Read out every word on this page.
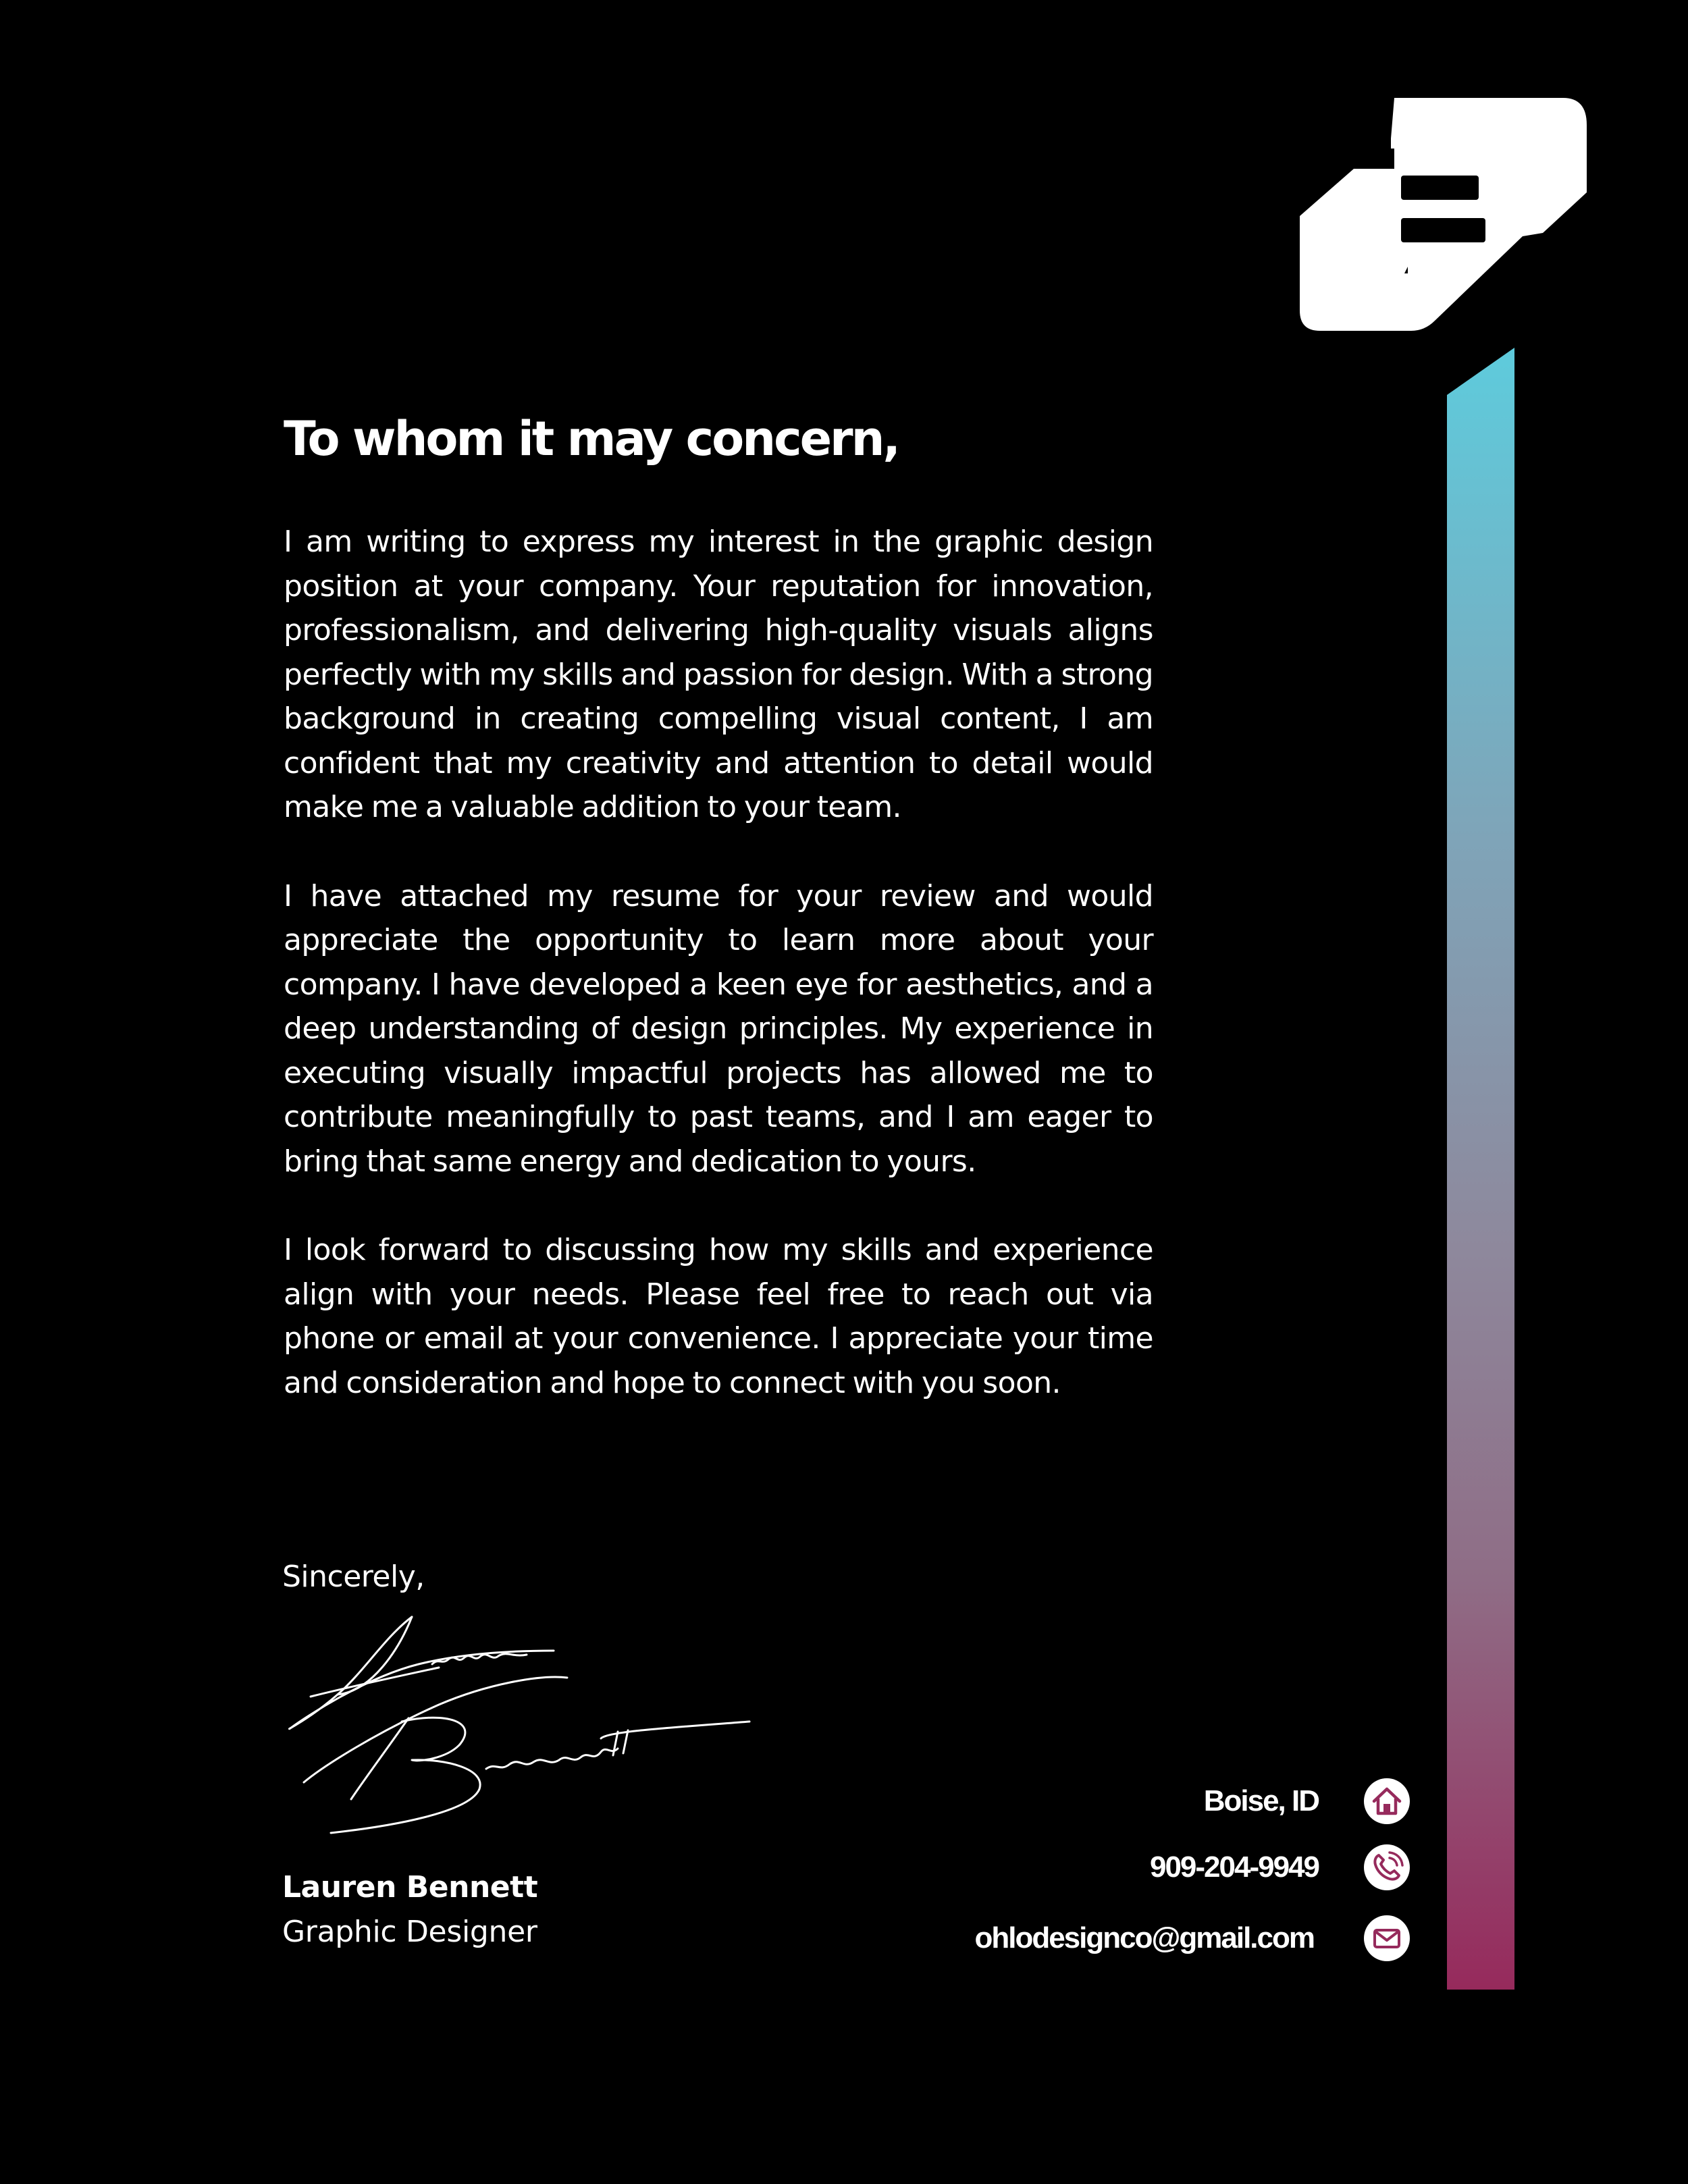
To whom it may concern,

I am writing to express my interest in the graphic design position at your company. Your reputation for innovation, professionalism, and delivering high-quality visuals aligns perfectly with my skills and passion for design. With a strong background in creating compelling visual content, I am confident that my creativity and attention to detail would make me a valuable addition to your team.

I have attached my resume for your review and would appreciate the opportunity to learn more about your company. I have developed a keen eye for aesthetics, and a deep understanding of design principles. My experience in executing visually impactful projects has allowed me to contribute meaningfully to past teams, and I am eager to bring that same energy and dedication to yours.

I look forward to discussing how my skills and experience align with your needs. Please feel free to reach out via phone or email at your convenience. I appreciate your time and consideration and hope to connect with you soon.

Sincerely,
Lauren Bennett
Graphic Designer
Boise, ID
909-204-9949
ohlodesignco@gmail.com
